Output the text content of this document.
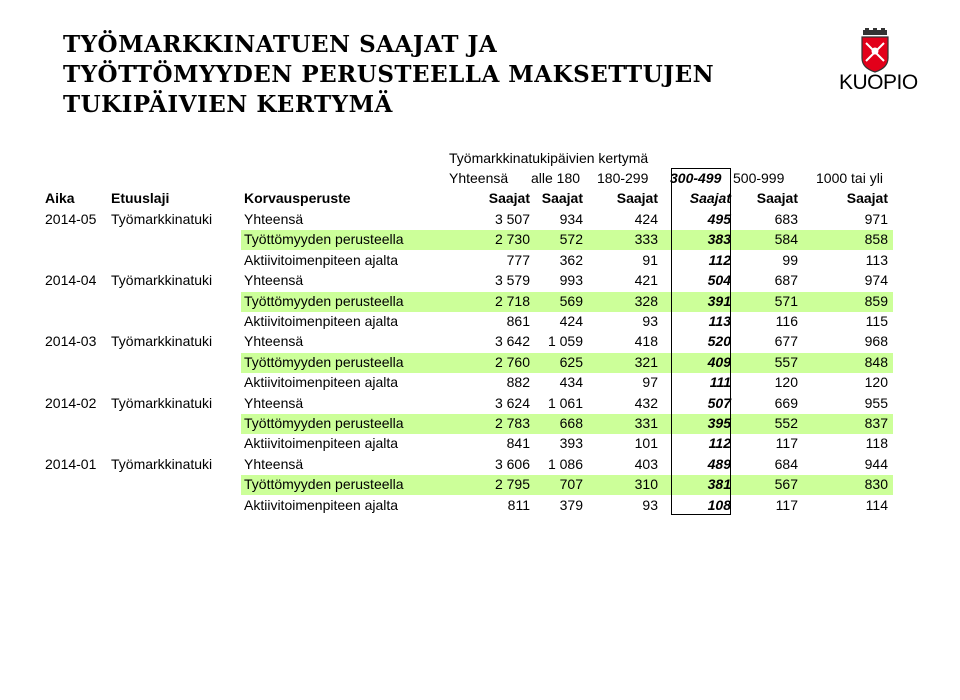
TYÖMARKKINATUEN SAAJAT JA
TYÖTTÖMYYDEN PERUSTEELLA MAKSETTUJEN
TUKIPÄIVIEN KERTYMÄ
KUOPIO
Työmarkkinatukipäivien kertymä
Yhteensä alle 180 180-299 300-499 500-999 1000 tai yli
Aika	Etuuslaji	Korvausperuste	Saajat Saajat	Saajat	Saajat	Saajat	Saajat
2014-05 Työmarkkinatuki Yhteensä	3 507	934	424	495	683	971
Työttömyyden perusteella	2 730	572	333	383	584	858
Aktiivitoimenpiteen ajalta	777	362	91	112	99	113
2014-04 Työmarkkinatuki Yhteensä	3 579	993	421	504	687	974
Työttömyyden perusteella	2 718	569	328	391	571	859
Aktiivitoimenpiteen ajalta	861	424	93	113	116	115
2014-03 Työmarkkinatuki Yhteensä	3 642	1 059	418	520	677	968
Työttömyyden perusteella	2 760	625	321	409	557	848
Aktiivitoimenpiteen ajalta	882	434	97	111	120	120
2014-02 Työmarkkinatuki Yhteensä	3 624	1 061	432	507	669	955
Työttömyyden perusteella	2 783	668	331	395	552	837
Aktiivitoimenpiteen ajalta	841	393	101	112	117	118
2014-01 Työmarkkinatuki Yhteensä	3 606	1 086	403	489	684	944
Työttömyyden perusteella	2 795	707	310	381	567	830
Aktiivitoimenpiteen ajalta	811	379	93	108	117	114
